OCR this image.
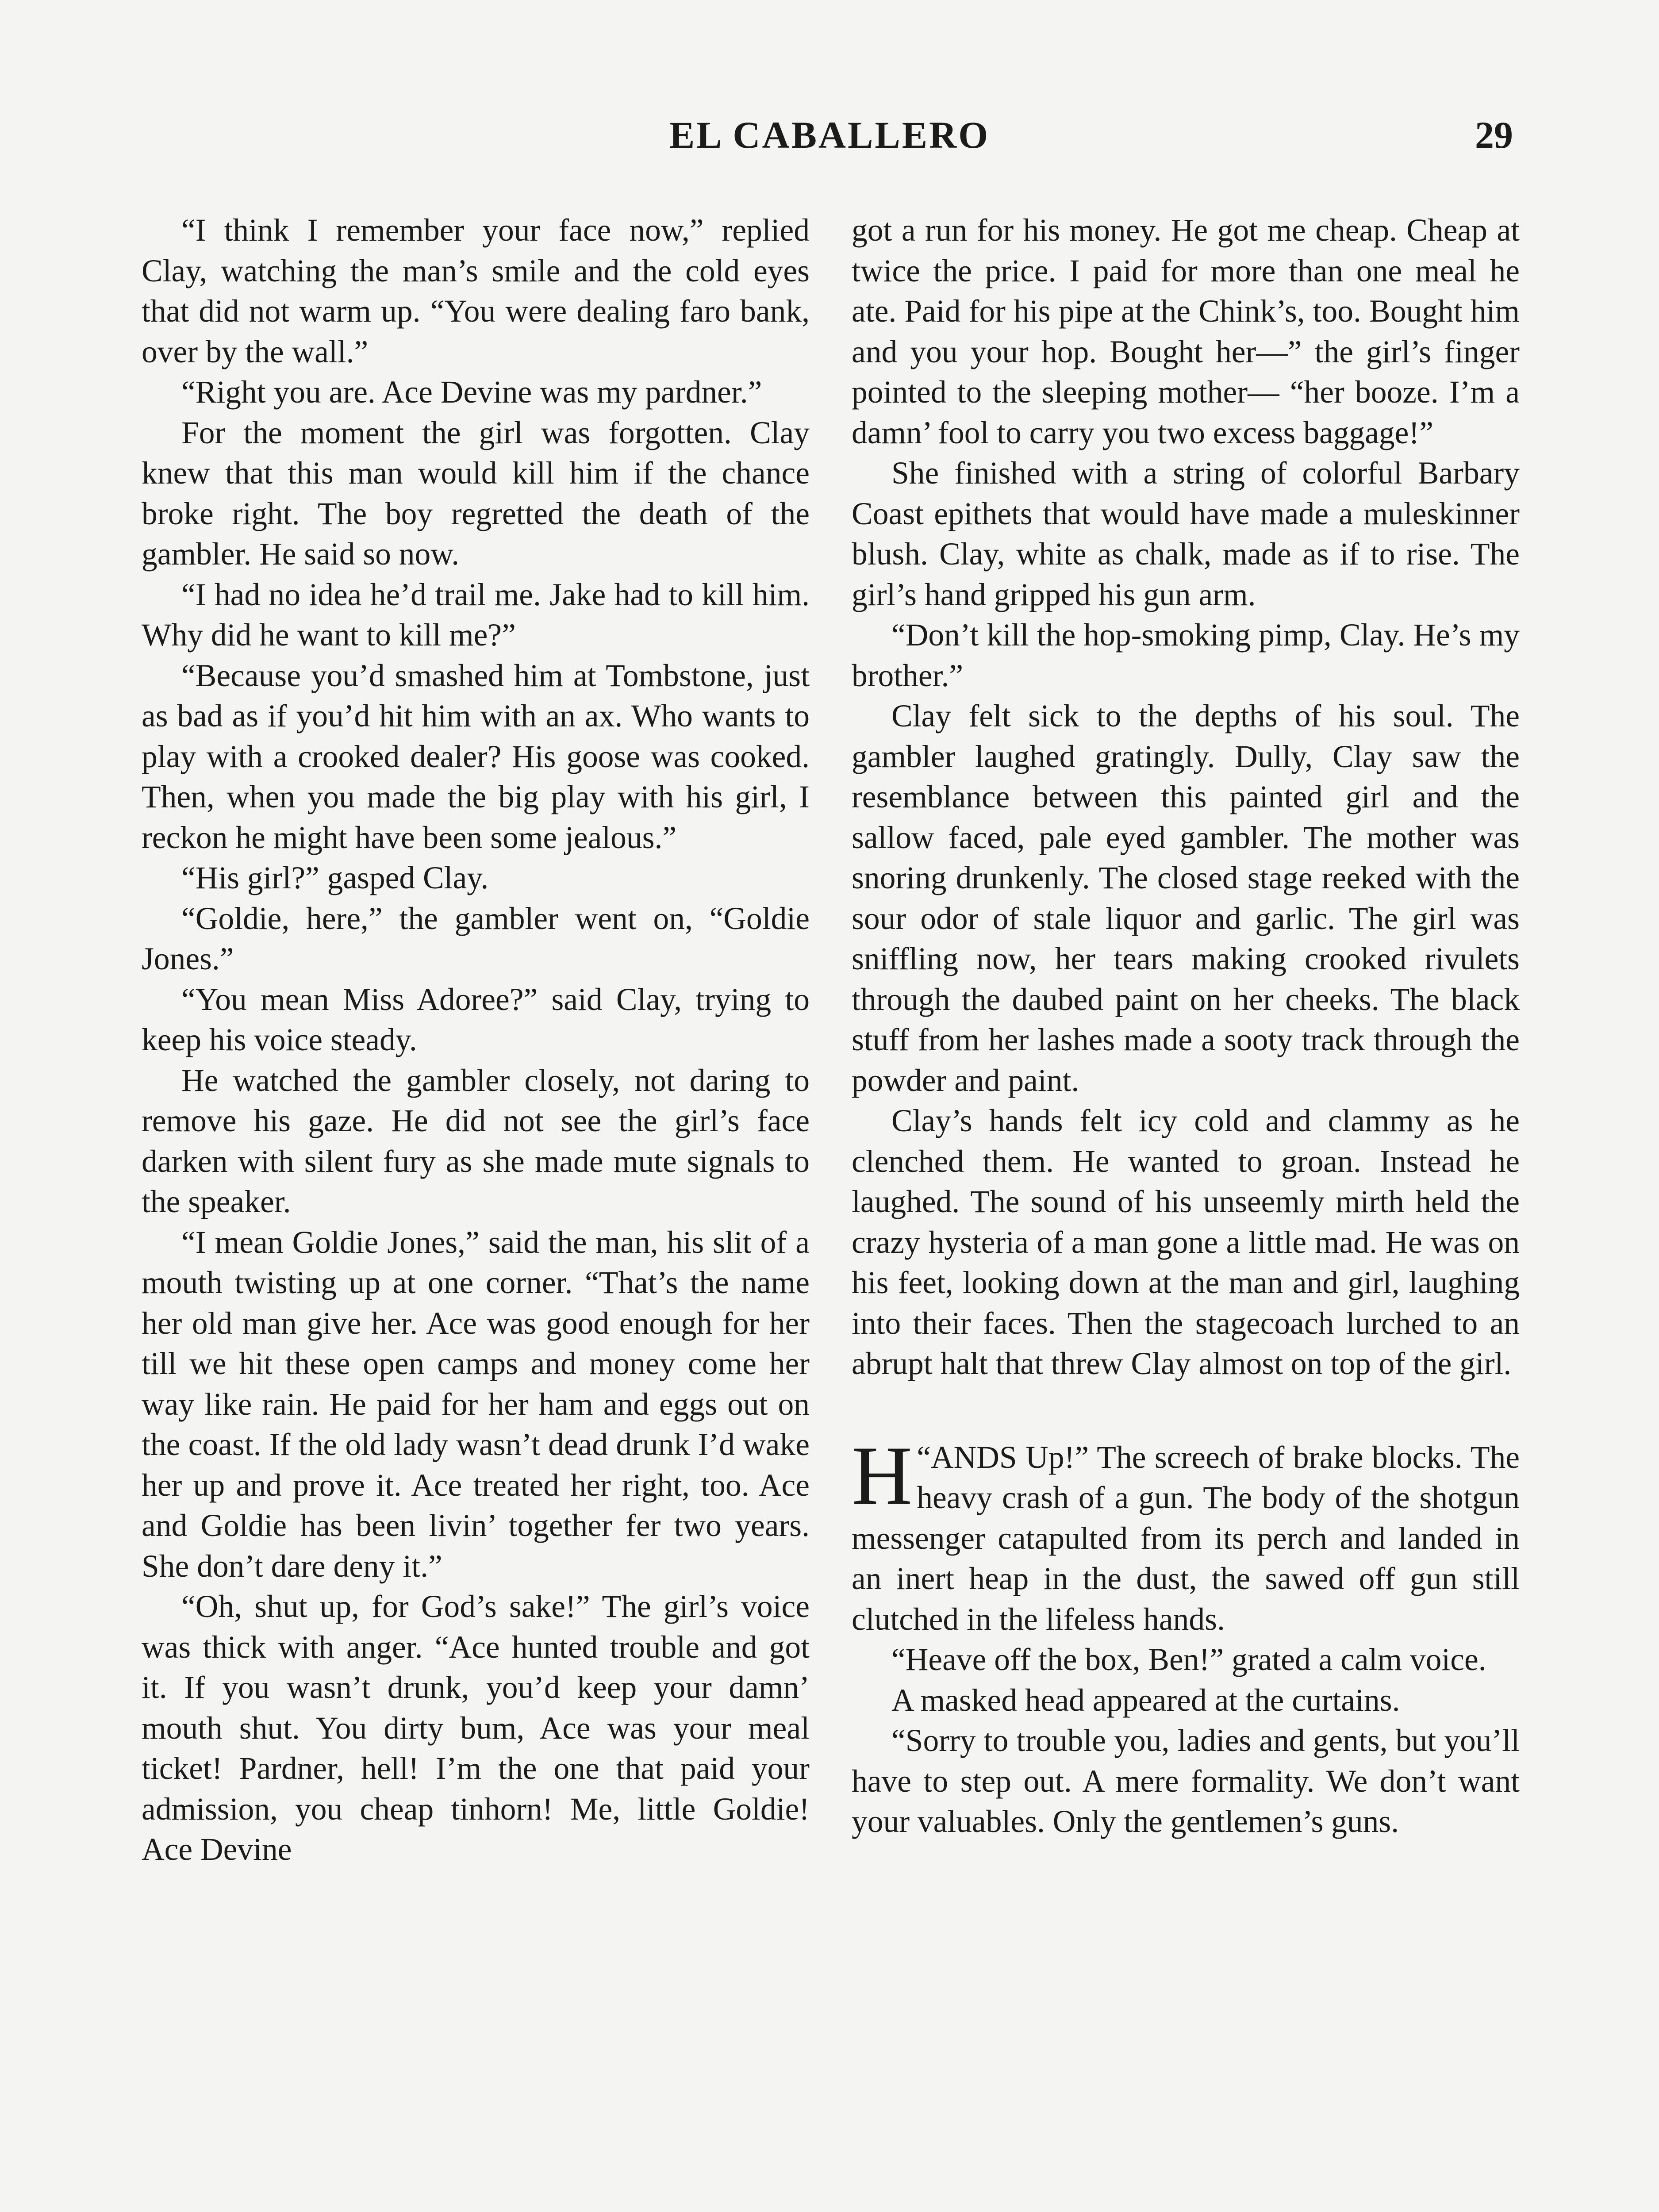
EL CABALLERO	29

“I think I remember your face now,” replied Clay, watching the man’s smile and the cold eyes that did not warm up. “You were dealing faro bank, over by the wall.”

“Right you are. Ace Devine was my pardner.”

For the moment the girl was forgotten. Clay knew that this man would kill him if the chance broke right. The boy regretted the death of the gambler. He said so now.

“I had no idea he’d trail me. Jake had to kill him. Why did he want to kill me?”

“Because you’d smashed him at Tombstone, just as bad as if you’d hit him with an ax. Who wants to play with a crooked dealer? His goose was cooked. Then, when you made the big play with his girl, I reckon he might have been some jealous.”

“His girl?” gasped Clay.

“Goldie, here,” the gambler went on, “Goldie Jones.”

“You mean Miss Adoree?” said Clay, trying to keep his voice steady.

He watched the gambler closely, not daring to remove his gaze. He did not see the girl’s face darken with silent fury as she made mute signals to the speaker.

“I mean Goldie Jones,” said the man, his slit of a mouth twisting up at one corner. “That’s the name her old man give her. Ace was good enough for her till we hit these open camps and money come her way like rain. He paid for her ham and eggs out on the coast. If the old lady wasn’t dead drunk I’d wake her up and prove it. Ace treated her right, too. Ace and Goldie has been livin’ together fer two years. She don’t dare deny it.”

“Oh, shut up, for God’s sake!” The girl’s voice was thick with anger. “Ace hunted trouble and got it. If you wasn’t drunk, you’d keep your damn’ mouth shut. You dirty bum, Ace was your meal ticket! Pardner, hell! I’m the one that paid your admission, you cheap tinhorn! Me, little Goldie! Ace Devine

got a run for his money. He got me cheap. Cheap at twice the price. I paid for more than one meal he ate. Paid for his pipe at the Chink’s, too. Bought him and you your hop. Bought her—” the girl’s finger pointed to the sleeping mother— “her booze. I’m a damn’ fool to carry you two excess baggage!”

She finished with a string of colorful Barbary Coast epithets that would have made a muleskinner blush. Clay, white as chalk, made as if to rise. The girl’s hand gripped his gun arm.

“Don’t kill the hop-smoking pimp, Clay. He’s my brother.”

Clay felt sick to the depths of his soul. The gambler laughed gratingly. Dully, Clay saw the resemblance between this painted girl and the sallow faced, pale eyed gambler. The mother was snoring drunkenly. The closed stage reeked with the sour odor of stale liquor and garlic. The girl was sniffling now, her tears making crooked rivulets through the daubed paint on her cheeks. The black stuff from her lashes made a sooty track through the powder and paint.

Clay’s hands felt icy cold and clammy as he clenched them. He wanted to groan. Instead he laughed. The sound of his unseemly mirth held the crazy hysteria of a man gone a little mad. He was on his feet, looking down at the man and girl, laughing into their faces. Then the stagecoach lurched to an abrupt halt that threw Clay almost on top of the girl.

“
H ANDS Up!” The screech of brake blocks. The heavy crash of a gun. The body of the shotgun messenger catapulted from its perch and landed in an inert heap in the dust, the sawed off gun still clutched in the lifeless hands.

“Heave off the box, Ben!” grated a calm voice.

A masked head appeared at the curtains.

“Sorry to trouble you, ladies and gents, but you’ll have to step out. A mere formality. We don’t want your valuables. Only the gentlemen’s guns.
